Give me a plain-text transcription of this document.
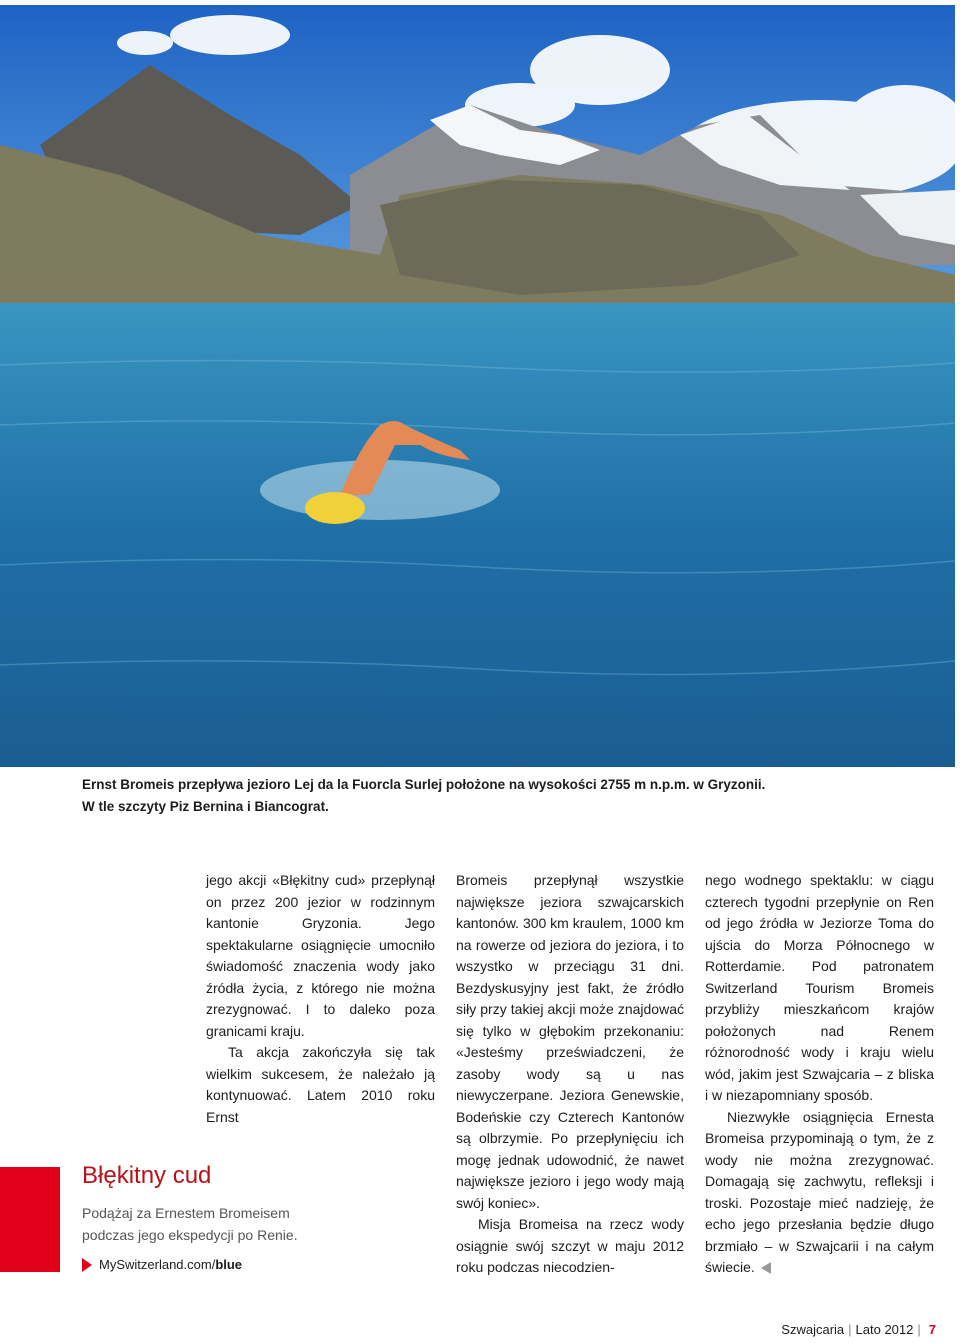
Ernst Bromeis przepływa jezioro Lej da la Fuorcla Surlej położone na wysokości 2755 m n.p.m. w Gryzonii.
W tle szczyty Piz Bernina i Biancograt.
Błękitny cud
Podążaj za Ernestem Bromeisem
podczas jego ekspedycji po Renie.
MySwitzerland.com/ blue

jego akcji «Błękitny cud» przepłynął on przez 200 jezior w rodzinnym kantonie Gryzonia. Jego spektakularne osiągnięcie umocniło świadomość znaczenia wody jako źródła życia, z którego nie można zrezygnować. I to daleko poza granicami kraju.

Ta akcja zakończyła się tak wielkim sukcesem, że należało ją kontynuować. Latem 2010 roku Ernst

Bromeis przepłynął wszystkie największe jeziora szwajcarskich kantonów. 300 km kraulem, 1000 km na rowerze od jeziora do jeziora, i to wszystko w przeciągu 31 dni. Bezdyskusyjny jest fakt, że źródło siły przy takiej akcji może znajdować się tylko w głębokim przekonaniu: «Jesteśmy przeświadczeni, że zasoby wody są u nas niewyczerpane. Jeziora Genewskie, Bodeńskie czy Czterech Kantonów są olbrzymie. Po przepłynięciu ich mogę jednak udowodnić, że nawet największe jezioro i jego wody mają swój koniec».

Misja Bromeisa na rzecz wody osiągnie swój szczyt w maju 2012 roku podczas niecodzien-

nego wodnego spektaklu: w ciągu czterech tygodni przepłynie on Ren od jego źródła w Jeziorze Toma do ujścia do Morza Północnego w Rotterdamie. Pod patronatem Switzerland Tourism Bromeis przybliży mieszkańcom krajów położonych nad Renem różnorodność wody i kraju wielu wód, jakim jest Szwajcaria – z bliska i w niezapomniany sposób.

Niezwykłe osiągnięcia Ernesta Bromeisa przypominają o tym, że z wody nie można zrezygnować. Domagają się zachwytu, refleksji i troski. Pozostaje mieć nadzieję, że echo jego przesłania będzie długo brzmiało – w Szwajcarii i na całym świecie.

Szwajcaria | Lato 2012 | 7
